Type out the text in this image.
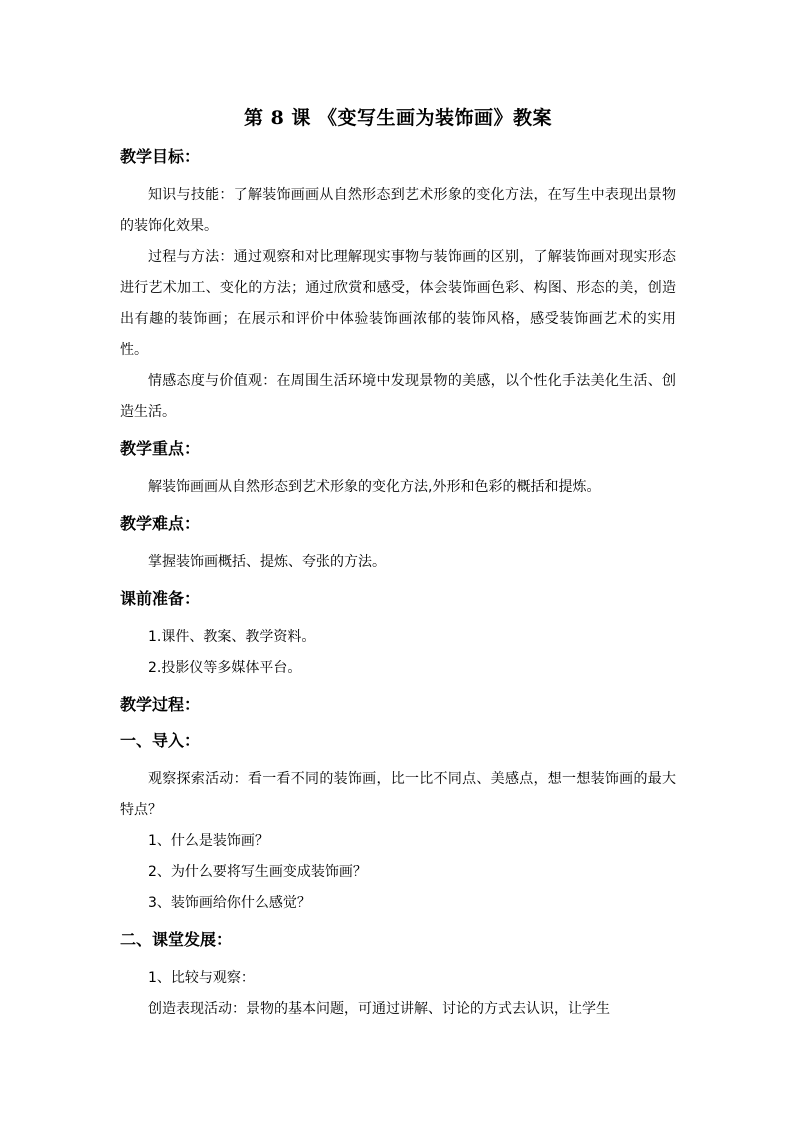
第 8 课 《变写生画为装饰画》教案
教学目标：

知识与技能：了解装饰画画从自然形态到艺术形象的变化方法，在写生中表现出景物的装饰化效果。

过程与方法：通过观察和对比理解现实事物与装饰画的区别，了解装饰画对现实形态进行艺术加工、变化的方法；通过欣赏和感受，体会装饰画色彩、构图、形态的美，创造出有趣的装饰画；在展示和评价中体验装饰画浓郁的装饰风格，感受装饰画艺术的实用性。

情感态度与价值观：在周围生活环境中发现景物的美感，以个性化手法美化生活、创造生活。

教学重点：

解装饰画画从自然形态到艺术形象的变化方法,外形和色彩的概括和提炼。

教学难点：

掌握装饰画概括、提炼、夸张的方法。

课前准备：

1.课件、教案、教学资料。

2.投影仪等多媒体平台。

教学过程：
一、导入：

观察探索活动：看一看不同的装饰画，比一比不同点、美感点，想一想装饰画的最大特点？

1、什么是装饰画？

2、为什么要将写生画变成装饰画？

3、装饰画给你什么感觉？

二、课堂发展：

1、比较与观察：

创造表现活动：景物的基本问题，可通过讲解、讨论的方式去认识，让学生
